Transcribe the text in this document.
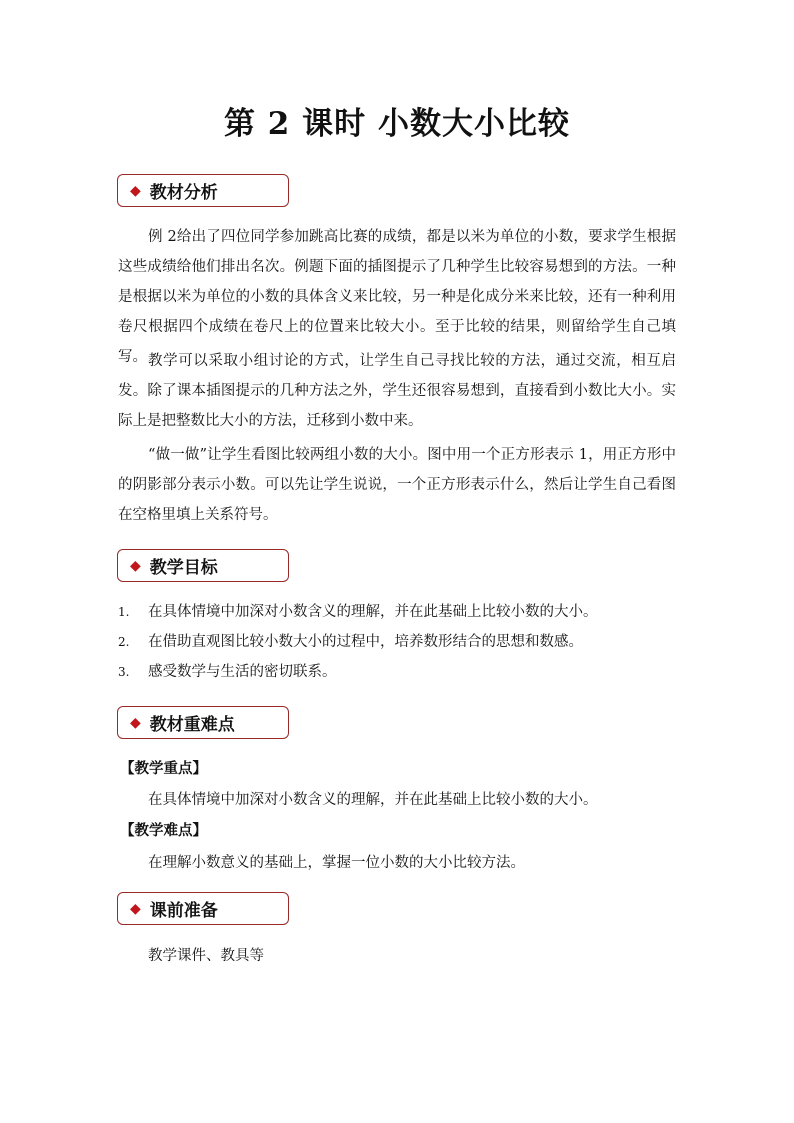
第 2 课时 小数大小比较
◆ 教材分析

例 2给出了四位同学参加跳高比赛的成绩，都是以米为单位的小数，要求学生根据这些成绩给他们排出名次。例题下面的插图提示了几种学生比较容易想到的方法。一种是根据以米为单位的小数的具体含义来比较，另一种是化成分米来比较，还有一种利用卷尺根据四个成绩在卷尺上的位置来比较大小。至于比较的结果，则留给学生自己填写。 教学可以采取小组讨论的方式，让学生自己寻找比较的方法，通过交流，相互启发。除了课本插图提示的几种方法之外，学生还很容易想到，直接看到小数比大小。实际上是把整数比大小的方法，迁移到小数中来。

“做一做”让学生看图比较两组小数的大小。图中用一个正方形表示 1，用正方形中的阴影部分表示小数。可以先让学生说说，一个正方形表示什么，然后让学生自己看图在空格里填上关系符号。

◆ 教学目标
1.	在具体情境中加深对小数含义的理解，并在此基础上比较小数的大小。
2.	在借助直观图比较小数大小的过程中，培养数形结合的思想和数感。
3.	感受数学与生活的密切联系。
◆ 教材重难点
【教学重点】
在具体情境中加深对小数含义的理解，并在此基础上比较小数的大小。
【教学难点】
在理解小数意义的基础上，掌握一位小数的大小比较方法。
◆ 课前准备
教学课件、教具等
